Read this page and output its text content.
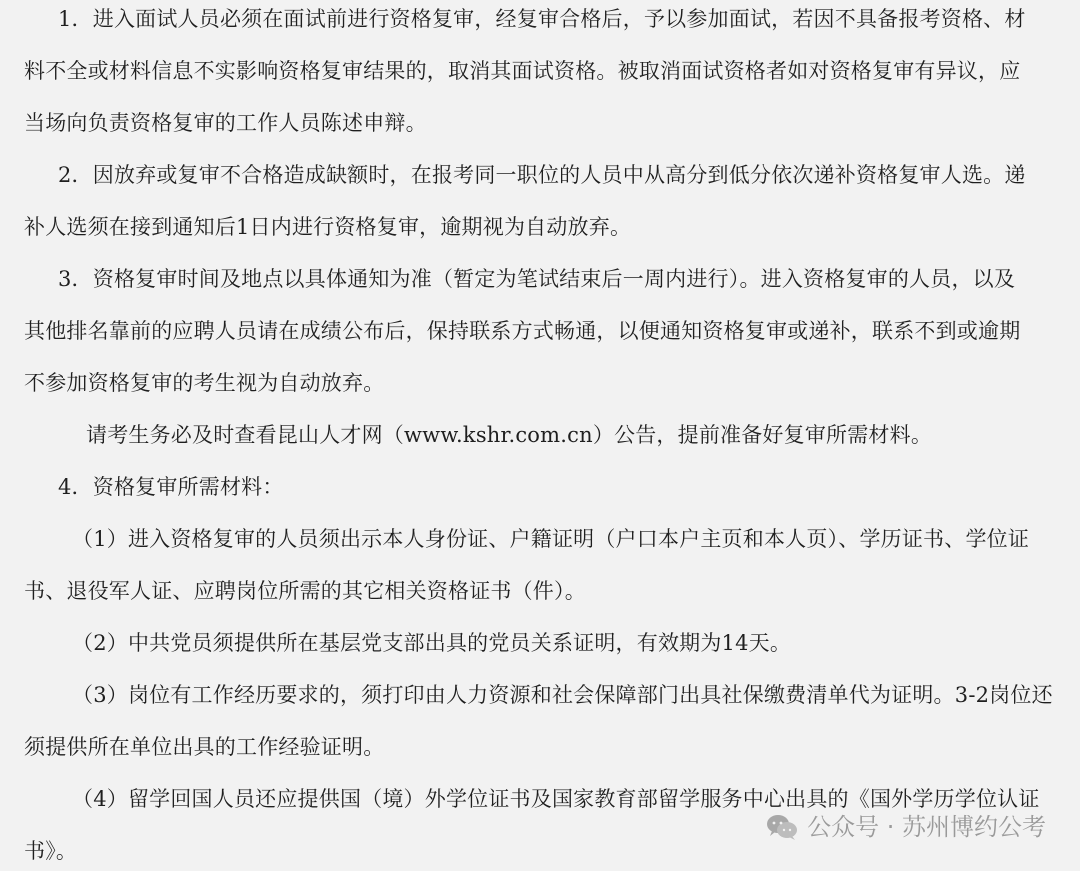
1．进入面试人员必须在面试前进行资格复审，经复审合格后，予以参加面试，若因不具备报考资格、材
料不全或材料信息不实影响资格复审结果的，取消其面试资格。被取消面试资格者如对资格复审有异议，应
当场向负责资格复审的工作人员陈述申辩。
2．因放弃或复审不合格造成缺额时，在报考同一职位的人员中从高分到低分依次递补资格复审人选。递
补人选须在接到通知后1日内进行资格复审，逾期视为自动放弃。
3．资格复审时间及地点以具体通知为准（暂定为笔试结束后一周内进行）。进入资格复审的人员，以及
其他排名靠前的应聘人员请在成绩公布后，保持联系方式畅通，以便通知资格复审或递补，联系不到或逾期
不参加资格复审的考生视为自动放弃。
请考生务必及时查看昆山人才网（www.kshr.com.cn）公告，提前准备好复审所需材料。
4．资格复审所需材料：
（1）进入资格复审的人员须出示本人身份证、户籍证明（户口本户主页和本人页）、学历证书、学位证
书、退役军人证、应聘岗位所需的其它相关资格证书（件）。
（2）中共党员须提供所在基层党支部出具的党员关系证明，有效期为14天。
（3）岗位有工作经历要求的，须打印由人力资源和社会保障部门出具社保缴费清单代为证明。3-2岗位还
须提供所在单位出具的工作经验证明。
（4）留学回国人员还应提供国（境）外学位证书及国家教育部留学服务中心出具的《国外学历学位认证
书》。
公众号 · 苏州博约公考
